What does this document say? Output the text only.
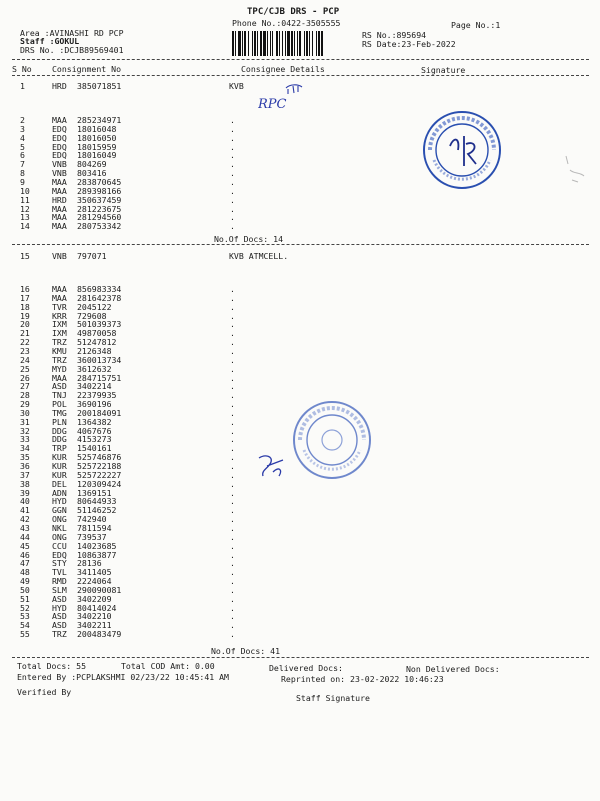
TPC/CJB DRS - PCP
Phone No.:0422-3505555	Page No.:1
Area :AVINASHI RD PCP
Staff :GOKUL
DRS No. :DCJB89569401
RS No.:895694
RS Date:23-Feb-2022
S No Consignment No	Consignee Details	Signature
1	HRD 385071851	KVB
2	MAA 285234971	.
3	EDQ 18016048	.
4	EDQ 18016050	.
5	EDQ 18015959	.
6	EDQ 18016049	.
7	VNB 804269	.
8	VNB 803416	.
9	MAA 283870645	.
10	MAA 289398166	.
11	HRD 350637459	.
12	MAA 281223675	.
13	MAA 281294560	.
14	MAA 280753342	.
No.Of Docs: 14
15	VNB 797071	KVB ATMCELL.
16	MAA 856983334	.
17	MAA 281642378	.
18	TVR 2045122	.
19	KRR 729608	.
20	IXM 501039373	.
21	IXM 49870058	.
22	TRZ 51247812	.
23	KMU 2126348	.
24	TRZ 360013734	.
25	MYD 3612632	.
26	MAA 284715751	.
27	ASD 3402214	.
28	TNJ 22379935	.
29	POL 3690196	.
30	TMG 200184091	.
31	PLN 1364382	.
32	DDG 4067676	.
33	DDG 4153273	.
34	TRP 1540161	.
35	KUR 525746876	.
36	KUR 525722188	.
37	KUR 525722227	.
38	DEL 120309424	.
39	ADN 1369151	.
40	HYD 80644933	.
41	GGN 51146252	.
42	ONG 742940	.
43	NKL 7811594	.
44	ONG 739537	.
45	CCU 14023685	.
46	EDQ 10863877	.
47	STY 28136	.
48	TVL 3411405	.
49	RMD 2224064	.
50	SLM 290090081	.
51	ASD 3402209	.
52	HYD 80414024	.
53	ASD 3402210	.
54	ASD 3402211	.
55	TRZ 200483479	.
No.Of Docs: 41
Total Docs: 55	Total COD Amt: 0.00	Delivered Docs:	Non Delivered Docs:
Entered By :PCPLAKSHMI 02/23/22 10:45:41 AM	Reprinted on: 23-02-2022 10:46:23
Verified By
Staff Signature
RPC
